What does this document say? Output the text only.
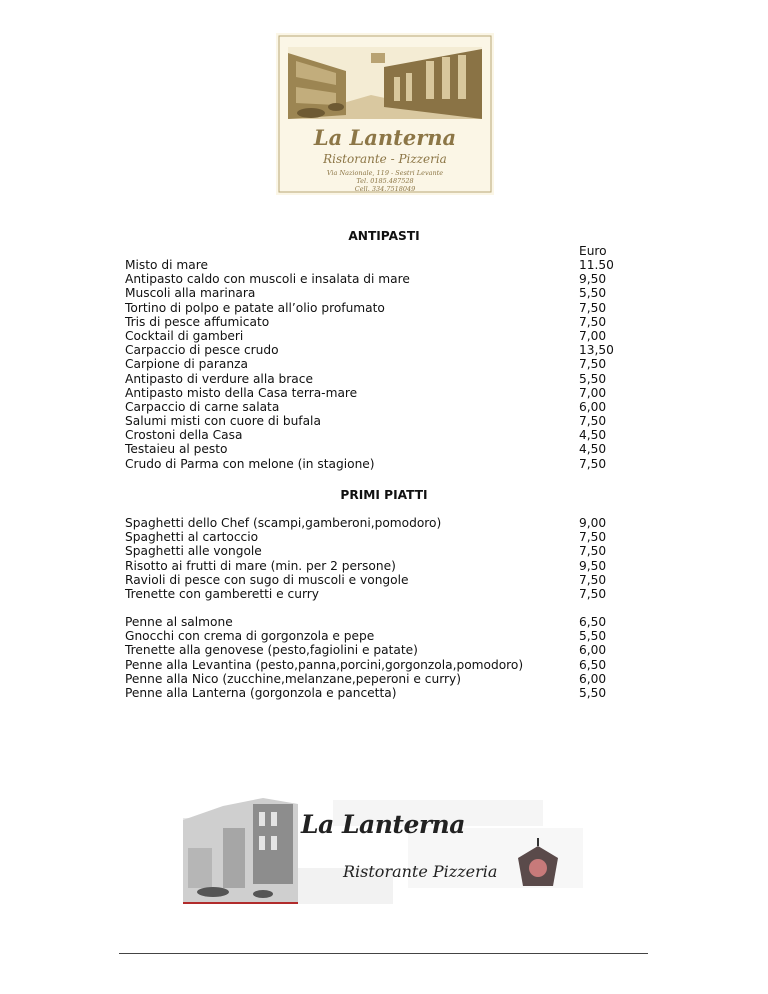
La Lanterna
Ristorante - Pizzeria
Via Nazionale, 119 - Sestri Levante
Tel. 0185.487528
Cell. 334.7518049
ANTIPASTI
Euro
Misto di mare
Antipasto caldo con muscoli e insalata di mare
Muscoli alla marinara
Tortino di polpo e patate all’olio profumato
Tris di pesce affumicato
Cocktail di gamberi
Carpaccio di pesce crudo
Carpione di paranza
Antipasto di verdure alla brace
Antipasto misto della Casa terra-mare
Carpaccio di carne salata
Salumi misti con cuore di bufala
Crostoni della Casa
Testaieu al pesto
Crudo di Parma con melone (in stagione)
11.50
9,50
5,50
7,50
7,50
7,00
13,50
7,50
5,50
7,00
6,00
7,50
4,50
4,50
7,50
PRIMI PIATTI
Spaghetti dello Chef (scampi,gamberoni,pomodoro)
Spaghetti al cartoccio
Spaghetti alle vongole
Risotto ai frutti di mare (min. per 2 persone)
Ravioli di pesce con sugo di muscoli e vongole
Trenette con gamberetti e curry
9,00
7,50
7,50
9,50
7,50
7,50
Penne al salmone
Gnocchi con crema di gorgonzola e pepe
Trenette alla genovese (pesto,fagiolini e patate)
Penne alla Levantina (pesto,panna,porcini,gorgonzola,pomodoro)
Penne alla Nico (zucchine,melanzane,peperoni e curry)
Penne alla Lanterna (gorgonzola e pancetta)
6,50
5,50
6,00
6,50
6,00
5,50
La Lanterna
Ristorante Pizzeria
